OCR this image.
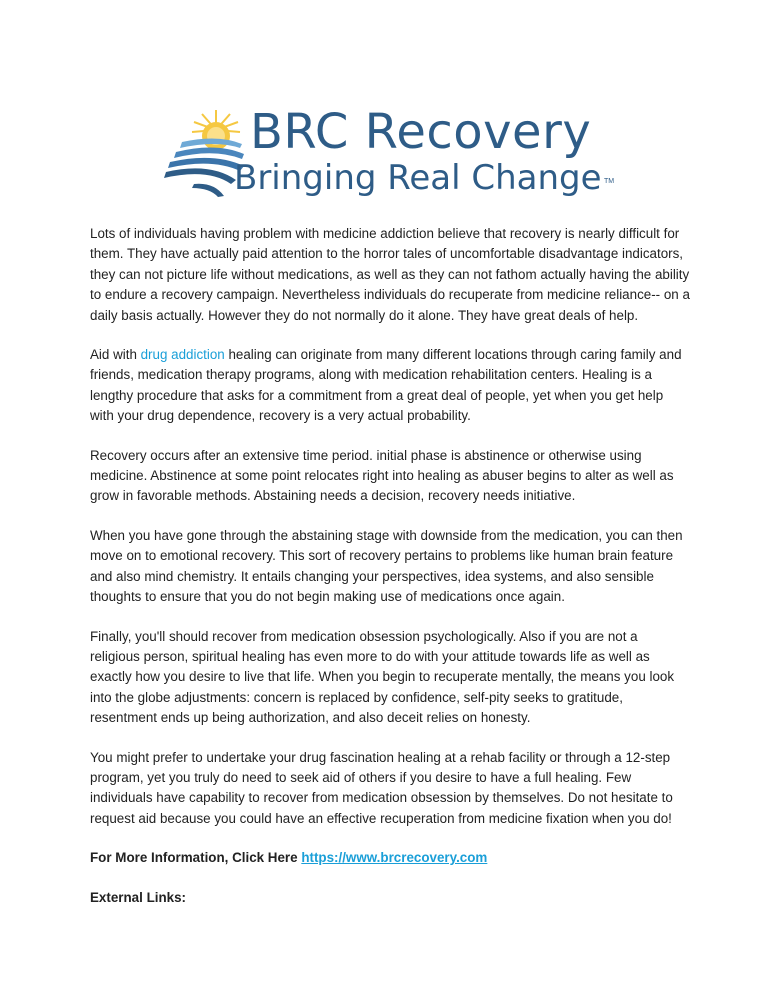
BRC Recovery
Bringing Real Change TM

Lots of individuals having problem with medicine addiction believe that recovery is nearly difficult for them. They have actually paid attention to the horror tales of uncomfortable disadvantage indicators, they can not picture life without medications, as well as they can not fathom actually having the ability to endure a recovery campaign. Nevertheless individuals do recuperate from medicine reliance-- on a daily basis actually. However they do not normally do it alone. They have great deals of help.

Aid with drug addiction healing can originate from many different locations through caring family and friends, medication therapy programs, along with medication rehabilitation centers. Healing is a lengthy procedure that asks for a commitment from a great deal of people, yet when you get help with your drug dependence, recovery is a very actual probability.

Recovery occurs after an extensive time period. initial phase is abstinence or otherwise using medicine. Abstinence at some point relocates right into healing as abuser begins to alter as well as grow in favorable methods. Abstaining needs a decision, recovery needs initiative.

When you have gone through the abstaining stage with downside from the medication, you can then move on to emotional recovery. This sort of recovery pertains to problems like human brain feature and also mind chemistry. It entails changing your perspectives, idea systems, and also sensible thoughts to ensure that you do not begin making use of medications once again.

Finally, you'll should recover from medication obsession psychologically. Also if you are not a religious person, spiritual healing has even more to do with your attitude towards life as well as exactly how you desire to live that life. When you begin to recuperate mentally, the means you look into the globe adjustments: concern is replaced by confidence, self-pity seeks to gratitude, resentment ends up being authorization, and also deceit relies on honesty.

You might prefer to undertake your drug fascination healing at a rehab facility or through a 12-step program, yet you truly do need to seek aid of others if you desire to have a full healing. Few individuals have capability to recover from medication obsession by themselves. Do not hesitate to request aid because you could have an effective recuperation from medicine fixation when you do!

For More Information, Click Here https://www.brcrecovery.com

External Links:
